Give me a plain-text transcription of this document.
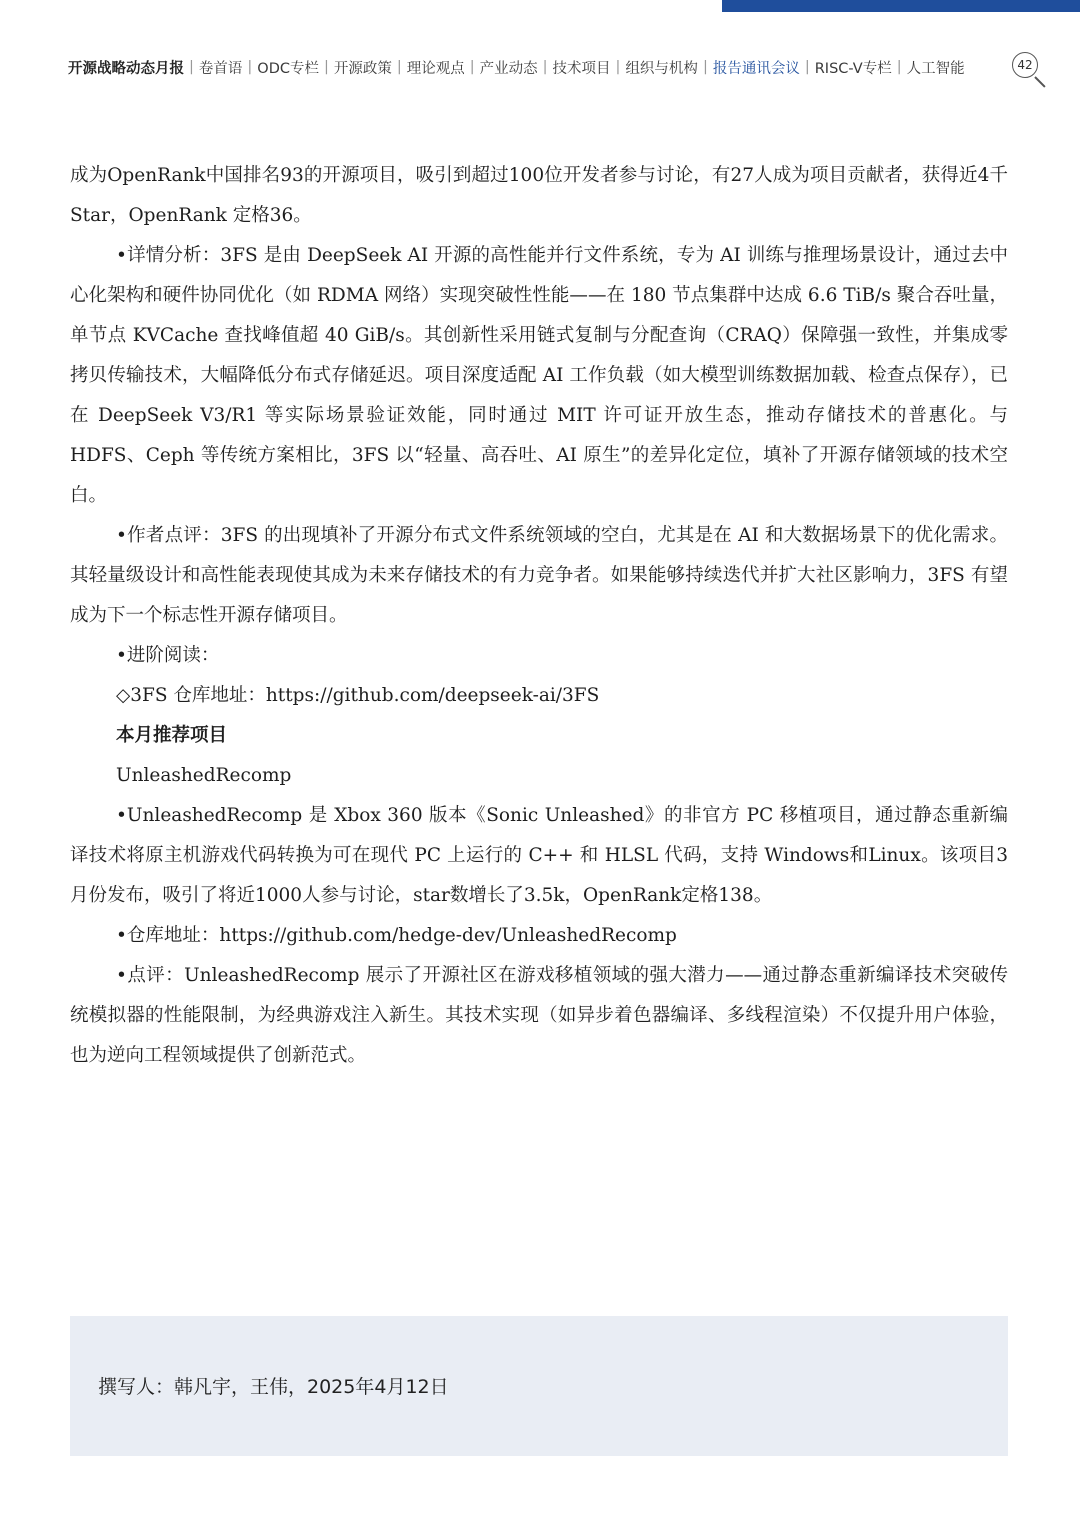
开源战略动态月报 | 卷首语 | ODC专栏 | 开源政策 | 理论观点 | 产业动态 | 技术项目 | 组织与机构 | 报告通讯会议 | RISC-V专栏 | 人工智能	42

成为OpenRank中国排名93的开源项目，吸引到超过100位开发者参与讨论，有27人成为项目贡献者，获得近4千 Star，OpenRank 定格36。

•详情分析：3FS 是由 DeepSeek AI 开源的高性能并行文件系统，专为 AI 训练与推理场景设计，通过去中心化架构和硬件协同优化（如 RDMA 网络）实现突破性性能——在 180 节点集群中达成 6.6 TiB/s 聚合吞吐量，单节点 KVCache 查找峰值超 40 GiB/s。其创新性采用链式复制与分配查询（CRAQ）保障强一致性，并集成零拷贝传输技术，大幅降低分布式存储延迟。项目深度适配 AI 工作负载（如大模型训练数据加载、检查点保存），已在 DeepSeek V3/R1 等实际场景验证效能，同时通过 MIT 许可证开放生态，推动存储技术的普惠化。与 HDFS、Ceph 等传统方案相比，3FS 以“轻量、高吞吐、AI 原生”的差异化定位，填补了开源存储领域的技术空白。

•作者点评：3FS 的出现填补了开源分布式文件系统领域的空白，尤其是在 AI 和大数据场景下的优化需求。其轻量级设计和高性能表现使其成为未来存储技术的有力竞争者。如果能够持续迭代并扩大社区影响力，3FS 有望成为下一个标志性开源存储项目。

•进阶阅读：

◇3FS 仓库地址：https://github.com/deepseek-ai/3FS

本月推荐项目

UnleashedRecomp

•UnleashedRecomp 是 Xbox 360 版本《Sonic Unleashed》的非官方 PC 移植项目，通过静态重新编译技术将原主机游戏代码转换为可在现代 PC 上运行的 C++ 和 HLSL 代码，支持 Windows和Linux。该项目3月份发布，吸引了将近1000人参与讨论，star数增长了3.5k，OpenRank定格138。

•仓库地址：https://github.com/hedge-dev/UnleashedRecomp

•点评：UnleashedRecomp 展示了开源社区在游戏移植领域的强大潜力——通过静态重新编译技术突破传统模拟器的性能限制，为经典游戏注入新生。其技术实现（如异步着色器编译、多线程渲染）不仅提升用户体验，也为逆向工程领域提供了创新范式。

撰写人：韩凡宇，王伟，2025年4月12日
